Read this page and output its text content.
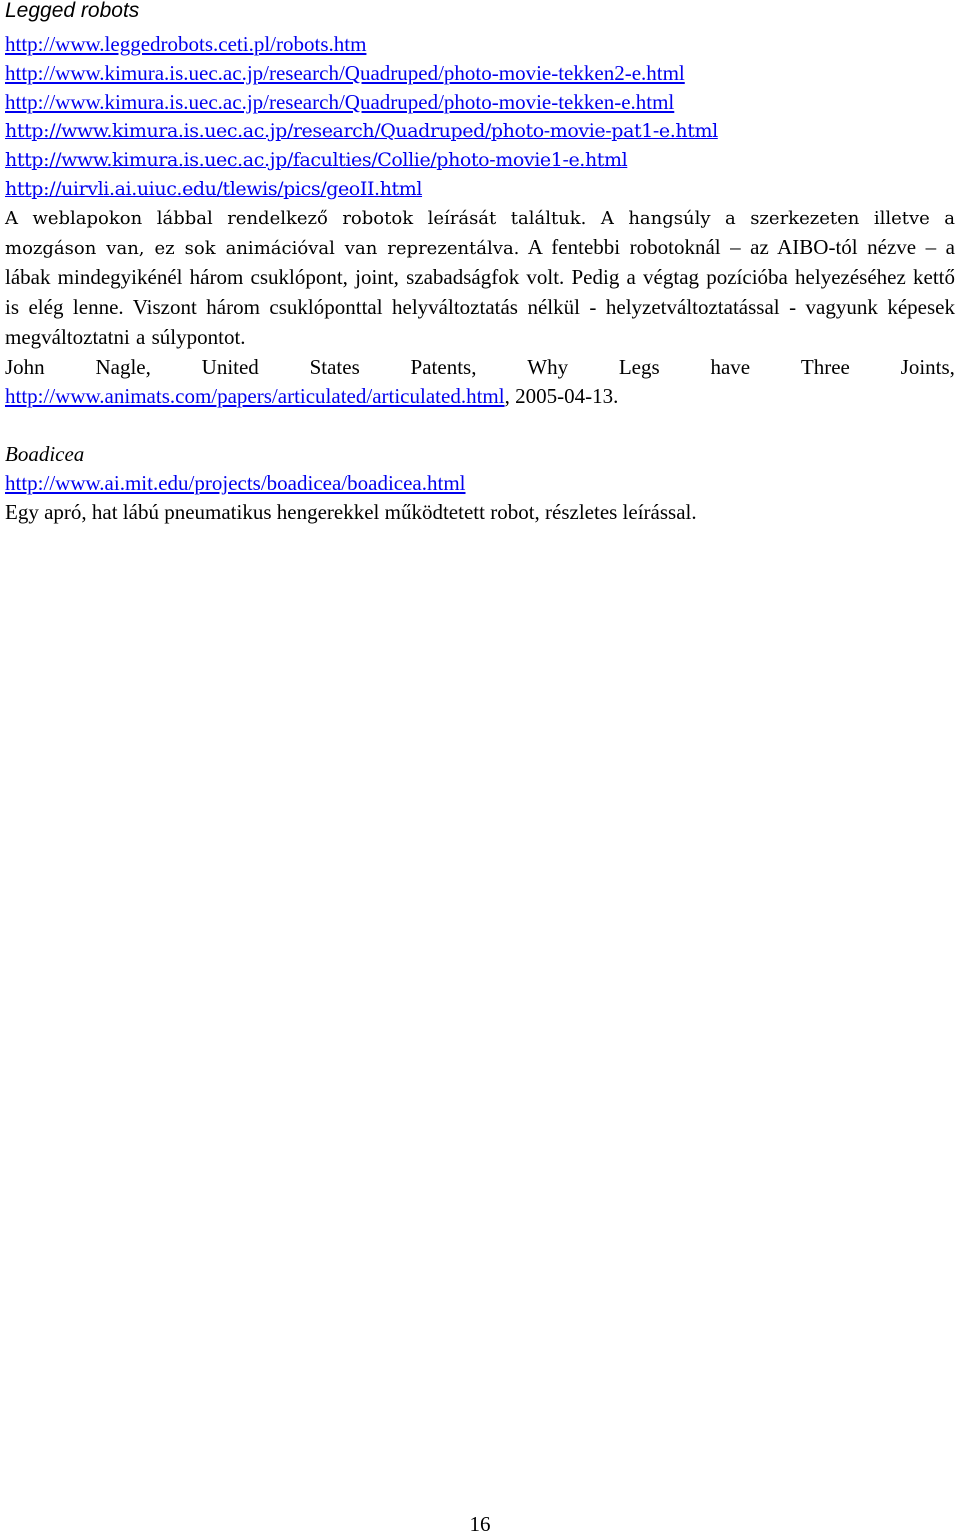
Legged robots

http://www.leggedrobots.ceti.pl/robots.htm
http://www.kimura.is.uec.ac.jp/research/Quadruped/photo-movie-tekken2-e.html
http://www.kimura.is.uec.ac.jp/research/Quadruped/photo-movie-tekken-e.html
http://www.kimura.is.uec.ac.jp/research/Quadruped/photo-movie-pat1-e.html
http://www.kimura.is.uec.ac.jp/faculties/Collie/photo-movie1-e.html
http://uirvli.ai.uiuc.edu/tlewis/pics/geoII.html

A weblapokon lábbal rendelkező robotok leírását találtuk. A hangsúly a szerkezeten illetve a mozgáson van, ez sok animációval van reprezentálva. A fentebbi robotoknál – az AIBO-tól nézve – a lábak mindegyikénél három csuklópont, joint, szabadságfok volt. Pedig a végtag pozícióba helyezéséhez kettő is elég lenne. Viszont három csuklóponttal helyváltoztatás nélkül - helyzetváltoztatással - vagyunk képesek megváltoztatni a súlypontot.

John Nagle, United States Patents, Why Legs have Three Joints,
http://www.animats.com/papers/articulated/articulated.html, 2005-04-13.

Boadicea

http://www.ai.mit.edu/projects/boadicea/boadicea.html

Egy apró, hat lábú pneumatikus hengerekkel működtetett robot, részletes leírással.

16
